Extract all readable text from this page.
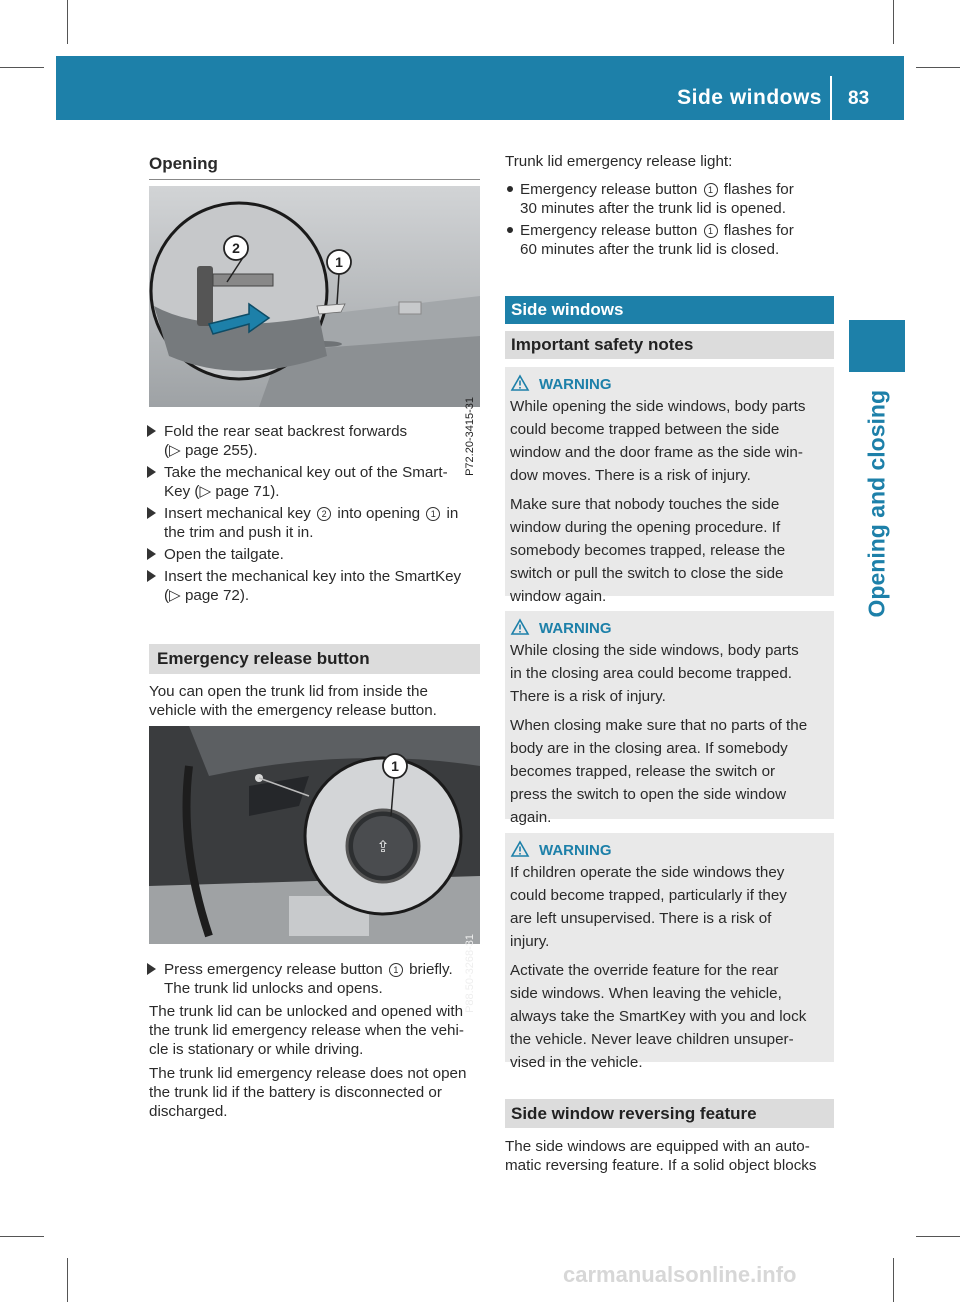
Side windows 83
Opening and closing
Opening
2
1
P72.20-3415-31
Fold the rear seat backrest forwards
(▷ page 255).
Take the mechanical key out of the Smart-
Key (▷ page 71).
Insert mechanical key 2 into opening 1 in
the trim and push it in.
Open the tailgate.
Insert the mechanical key into the SmartKey
(▷ page 72).
Emergency release button
You can open the trunk lid from inside the
vehicle with the emergency release button.
⇪
1
P88.50-3268-31
Press emergency release button 1 briefly.
The trunk lid unlocks and opens.
The trunk lid can be unlocked and opened with
the trunk lid emergency release when the vehi-
cle is stationary or while driving.
The trunk lid emergency release does not open
the trunk lid if the battery is disconnected or
discharged.
Trunk lid emergency release light:
Emergency release button 1 flashes for
30 minutes after the trunk lid is opened.
Emergency release button 1 flashes for
60 minutes after the trunk lid is closed.
Side windows
Important safety notes
WARNING

While opening the side windows, body parts
could become trapped between the side
window and the door frame as the side win-
dow moves. There is a risk of injury.

Make sure that nobody touches the side
window during the opening procedure. If
somebody becomes trapped, release the
switch or pull the switch to close the side
window again.

WARNING

While closing the side windows, body parts
in the closing area could become trapped.
There is a risk of injury.

When closing make sure that no parts of the
body are in the closing area. If somebody
becomes trapped, release the switch or
press the switch to open the side window
again.

WARNING

If children operate the side windows they
could become trapped, particularly if they
are left unsupervised. There is a risk of
injury.

Activate the override feature for the rear
side windows. When leaving the vehicle,
always take the SmartKey with you and lock
the vehicle. Never leave children unsuper-
vised in the vehicle.

Side window reversing feature
The side windows are equipped with an auto-
matic reversing feature. If a solid object blocks
carmanualsonline.info
